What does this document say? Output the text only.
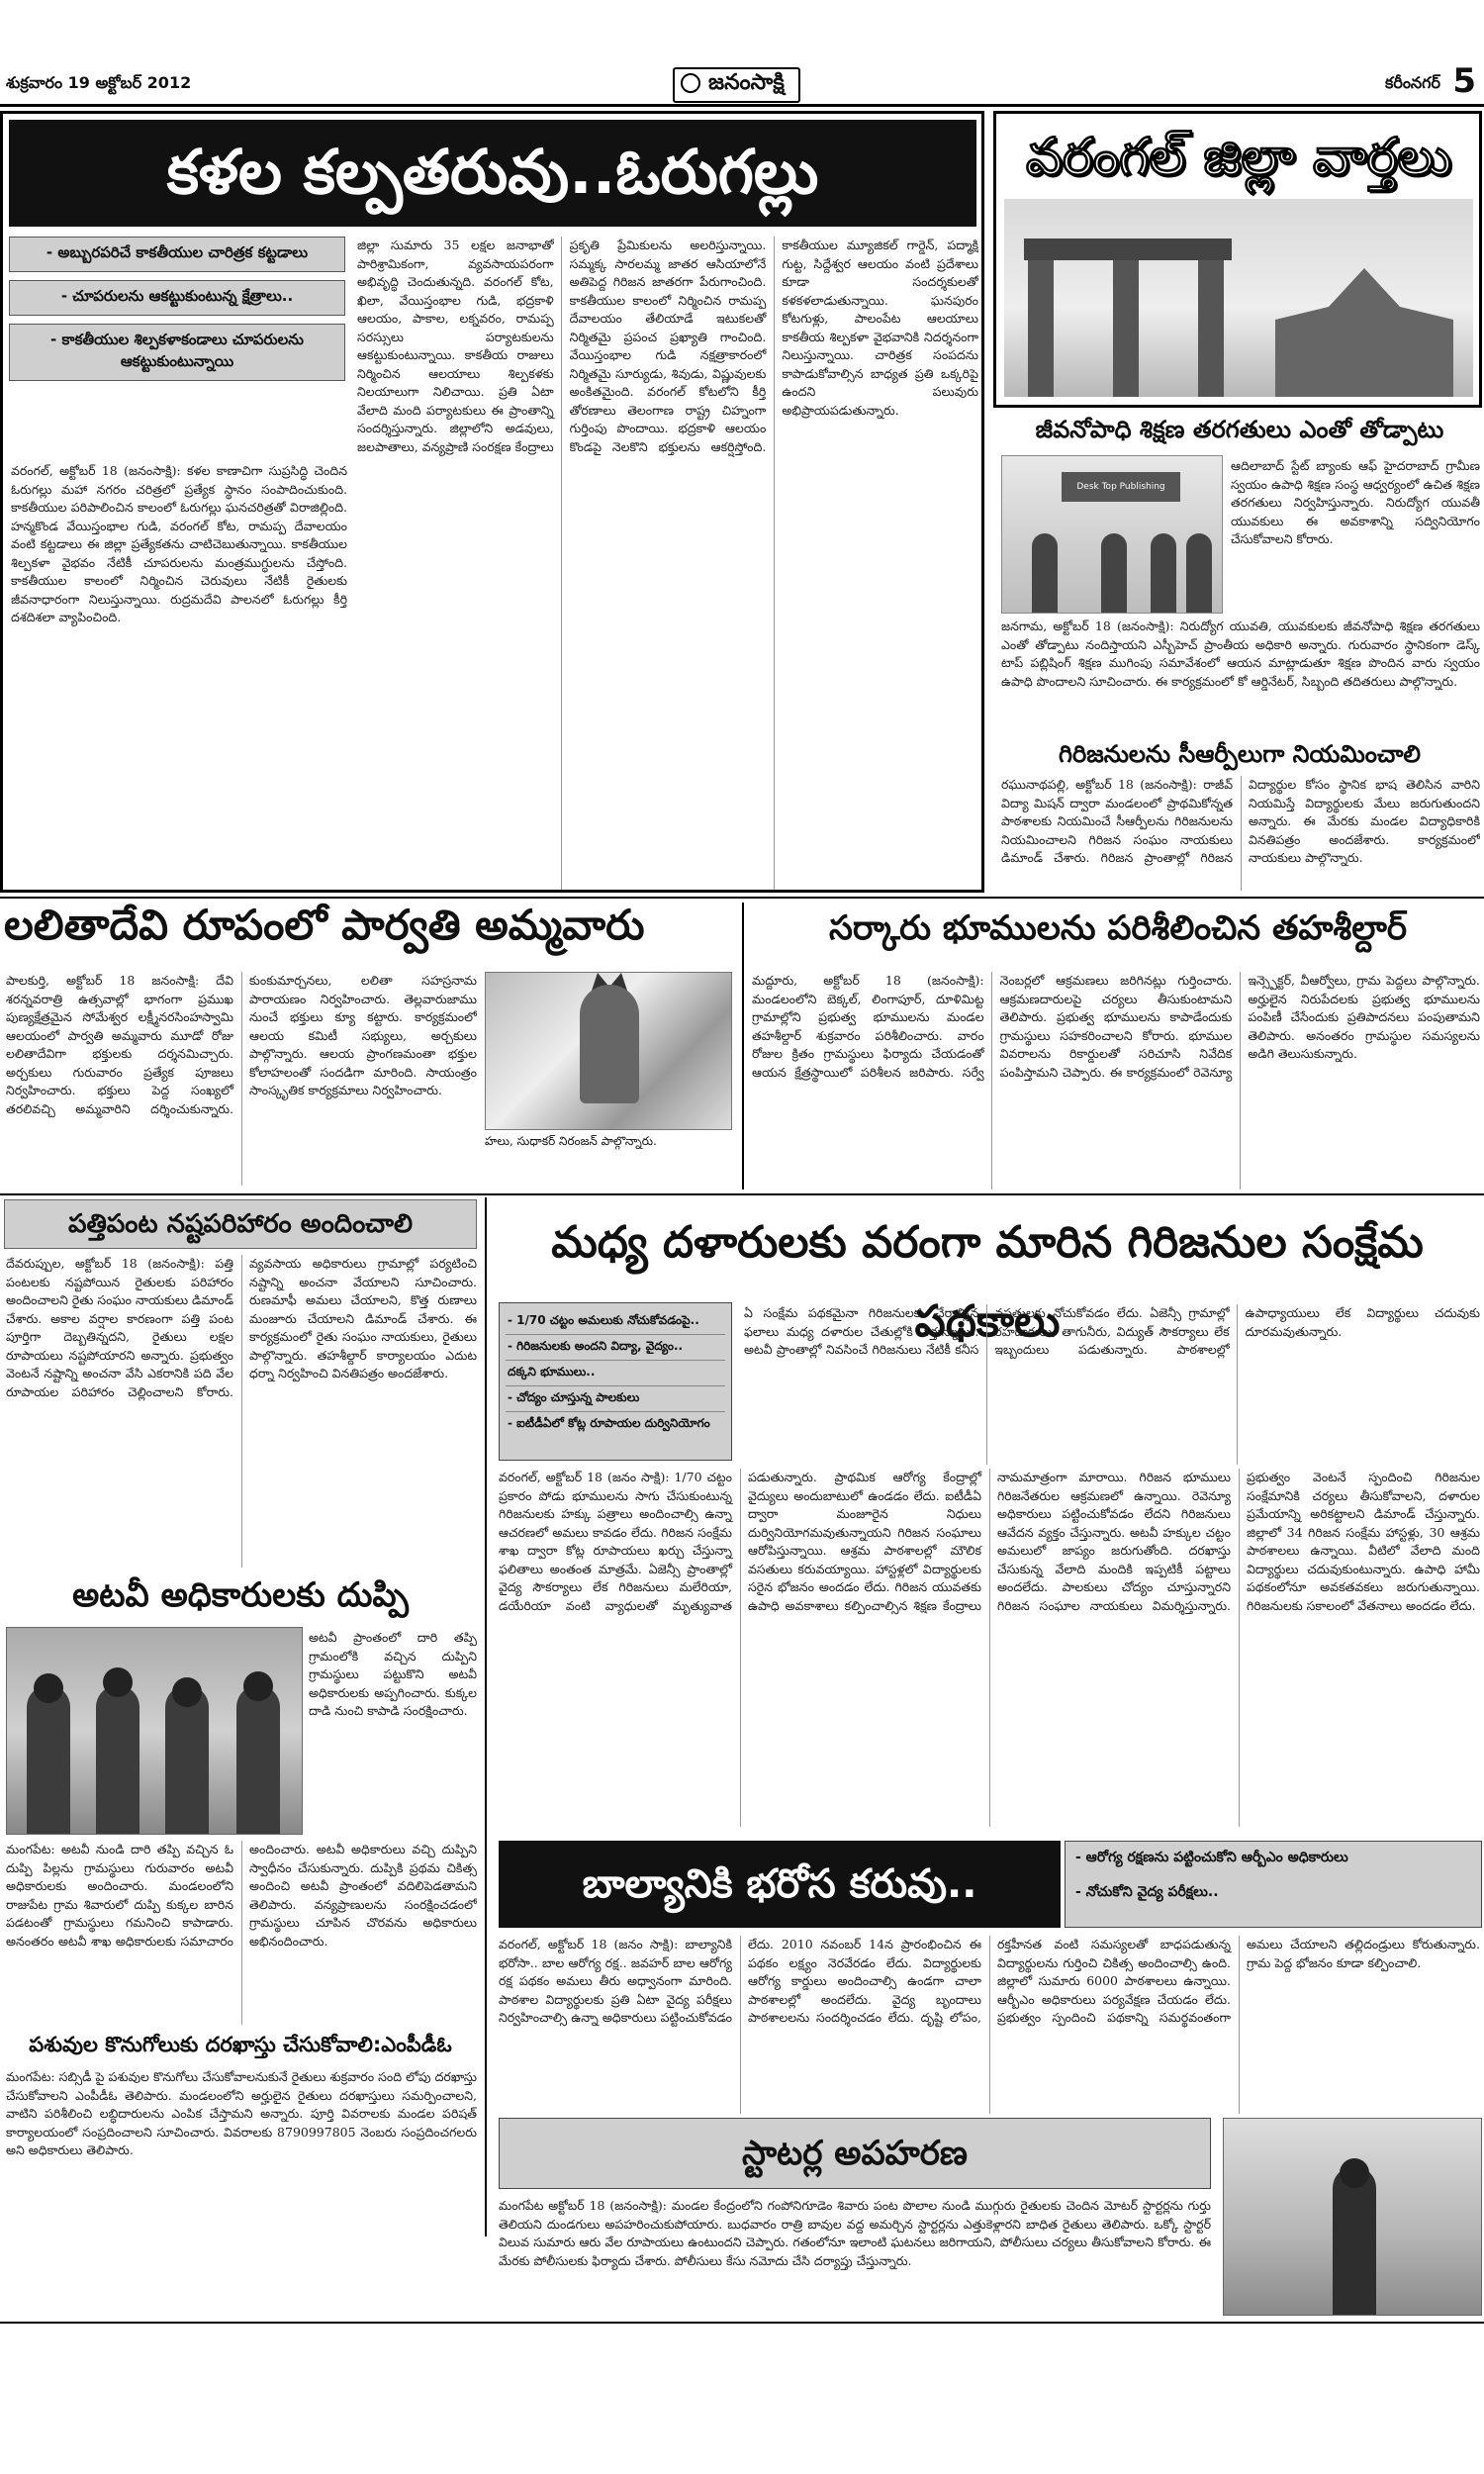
శుక్రవారం 19 అక్టోబర్ 2012	జనంసాక్షి	కరీంనగర్ 5
కళల కల్పతరువు..ఓరుగల్లు
- అబ్బురపరిచే కాకతీయుల చారిత్రక కట్టడాలు
- చూపరులను ఆకట్టుకుంటున్న క్షేత్రాలు..
- కాకతీయుల శిల్పకళాకండాలు చూపరులను ఆకట్టుకుంటున్నాయి
వరంగల్, అక్టోబర్ 18 (జనంసాక్షి): కళల కాణాచిగా సుప్రసిద్ధి చెందిన ఓరుగల్లు మహా నగరం చరిత్రలో ప్రత్యేక స్థానం సంపాదించుకుంది. కాకతీయుల పరిపాలించిన కాలంలో ఓరుగల్లు ఘనచరిత్రతో విరాజిల్లింది. హన్మకొండ వేయిస్తంభాల గుడి, వరంగల్ కోట, రామప్ప దేవాలయం వంటి కట్టడాలు ఈ జిల్లా ప్రత్యేకతను చాటిచెబుతున్నాయి. కాకతీయుల శిల్పకళా వైభవం నేటికీ చూపరులను మంత్రముగ్ధులను చేస్తోంది. కాకతీయుల కాలంలో నిర్మించిన చెరువులు నేటికీ రైతులకు జీవనాధారంగా నిలుస్తున్నాయి. రుద్రమదేవి పాలనలో ఓరుగల్లు కీర్తి దశదిశలా వ్యాపించింది.
జిల్లా సుమారు 35 లక్షల జనాభాతో పారిశ్రామికంగా, వ్యవసాయపరంగా అభివృద్ధి చెందుతున్నది. వరంగల్ కోట, ఖిలా, వేయిస్తంభాల గుడి, భద్రకాళి ఆలయం, పాకాల, లక్నవరం, రామప్ప సరస్సులు పర్యాటకులను ఆకట్టుకుంటున్నాయి. కాకతీయ రాజులు నిర్మించిన ఆలయాలు శిల్పకళకు నిలయాలుగా నిలిచాయి. ప్రతి ఏటా వేలాది మంది పర్యాటకులు ఈ ప్రాంతాన్ని సందర్శిస్తున్నారు. జిల్లాలోని అడవులు, జలపాతాలు, వన్యప్రాణి సంరక్షణ కేంద్రాలు ప్రకృతి ప్రేమికులను అలరిస్తున్నాయి. సమ్మక్క సారలమ్మ జాతర ఆసియాలోనే అతిపెద్ద గిరిజన జాతరగా పేరుగాంచింది. కాకతీయుల కాలంలో నిర్మించిన రామప్ప దేవాలయం తేలియాడే ఇటుకలతో నిర్మితమై ప్రపంచ ప్రఖ్యాతి గాంచింది. వేయిస్తంభాల గుడి నక్షత్రాకారంలో నిర్మితమై సూర్యుడు, శివుడు, విష్ణువులకు అంకితమైంది. వరంగల్ కోటలోని కీర్తి తోరణాలు తెలంగాణ రాష్ట్ర చిహ్నంగా గుర్తింపు పొందాయి. భద్రకాళి ఆలయం కొండపై నెలకొని భక్తులను ఆకర్షిస్తోంది. కాకతీయుల మ్యూజికల్ గార్డెన్, పద్మాక్షి గుట్ట, సిద్దేశ్వర ఆలయం వంటి ప్రదేశాలు కూడా సందర్శకులతో కళకళలాడుతున్నాయి. ఘనపురం కోటగుళ్లు, పాలంపేట ఆలయాలు కాకతీయ శిల్పకళా వైభవానికి నిదర్శనంగా నిలుస్తున్నాయి. చారిత్రక సంపదను కాపాడుకోవాల్సిన బాధ్యత ప్రతి ఒక్కరిపై ఉందని పలువురు అభిప్రాయపడుతున్నారు.
వరంగల్ జిల్లా వార్తలు
జీవనోపాధి శిక్షణ తరగతులు ఎంతో తోడ్పాటు
Desk Top Publishing
ఆదిలాబాద్ స్టేట్ బ్యాంకు ఆఫ్ హైదరాబాద్ గ్రామీణ స్వయం ఉపాధి శిక్షణ సంస్థ ఆధ్వర్యంలో ఉచిత శిక్షణ తరగతులు నిర్వహిస్తున్నారు. నిరుద్యోగ యువతీ యువకులు ఈ అవకాశాన్ని సద్వినియోగం చేసుకోవాలని కోరారు.
జనగామ, అక్టోబర్ 18 (జనంసాక్షి): నిరుద్యోగ యువతి, యువకులకు జీవనోపాధి శిక్షణ తరగతులు ఎంతో తోడ్పాటు నందిస్తాయని ఎస్బీహెచ్ ప్రాంతీయ అధికారి అన్నారు. గురువారం స్థానికంగా డెస్క్ టాప్ పబ్లిషింగ్ శిక్షణ ముగింపు సమావేశంలో ఆయన మాట్లాడుతూ శిక్షణ పొందిన వారు స్వయం ఉపాధి పొందాలని సూచించారు. ఈ కార్యక్రమంలో కో ఆర్డినేటర్, సిబ్బంది తదితరులు పాల్గొన్నారు.
గిరిజనులను సీఆర్పీలుగా నియమించాలి
రఘునాథపల్లి, అక్టోబర్ 18 (జనంసాక్షి): రాజీవ్ విద్యా మిషన్ ద్వారా మండలంలో ప్రాథమికోన్నత పాఠశాలకు నియమించే సీఆర్పీలను గిరిజనులను నియమించాలని గిరిజన సంఘం నాయకులు డిమాండ్ చేశారు. గిరిజన ప్రాంతాల్లో గిరిజన విద్యార్థుల కోసం స్థానిక భాష తెలిసిన వారిని నియమిస్తే విద్యార్థులకు మేలు జరుగుతుందని అన్నారు. ఈ మేరకు మండల విద్యాధికారికి వినతిపత్రం అందజేశారు. కార్యక్రమంలో నాయకులు పాల్గొన్నారు.
లలితాదేవి రూపంలో పార్వతి అమ్మవారు
పాలకుర్తి, అక్టోబర్ 18 జనంసాక్షి: దేవి శరన్నవరాత్రి ఉత్సవాల్లో భాగంగా ప్రముఖ పుణ్యక్షేత్రమైన సోమేశ్వర లక్ష్మీనరసింహస్వామి ఆలయంలో పార్వతి అమ్మవారు మూడో రోజు లలితాదేవిగా భక్తులకు దర్శనమిచ్చారు. అర్చకులు గురువారం ప్రత్యేక పూజలు నిర్వహించారు. భక్తులు పెద్ద సంఖ్యలో తరలివచ్చి అమ్మవారిని దర్శించుకున్నారు. కుంకుమార్చనలు, లలితా సహస్రనామ పారాయణం నిర్వహించారు. తెల్లవారుజాము నుంచే భక్తులు క్యూ కట్టారు. కార్యక్రమంలో ఆలయ కమిటీ సభ్యులు, అర్చకులు పాల్గొన్నారు. ఆలయ ప్రాంగణమంతా భక్తుల కోలాహలంతో సందడిగా మారింది. సాయంత్రం సాంస్కృతిక కార్యక్రమాలు నిర్వహించారు.
హలు, సుధాకర్ నిరంజన్ పాల్గొన్నారు.
సర్కారు భూములను పరిశీలించిన తహశీల్దార్
మద్దూరు, అక్టోబర్ 18 (జనంసాక్షి): మండలంలోని బెక్కల్, లింగాపూర్, దూళిమిట్ట గ్రామాల్లోని ప్రభుత్వ భూములను మండల తహశీల్దార్ శుక్రవారం పరిశీలించారు. వారం రోజుల క్రితం గ్రామస్థులు ఫిర్యాదు చేయడంతో ఆయన క్షేత్రస్థాయిలో పరిశీలన జరిపారు. సర్వే నెంబర్లలో ఆక్రమణలు జరిగినట్లు గుర్తించారు. ఆక్రమణదారులపై చర్యలు తీసుకుంటామని తెలిపారు. ప్రభుత్వ భూములను కాపాడేందుకు గ్రామస్థులు సహకరించాలని కోరారు. భూముల వివరాలను రికార్డులతో సరిచూసి నివేదిక పంపిస్తామని చెప్పారు. ఈ కార్యక్రమంలో రెవెన్యూ ఇన్స్పెక్టర్, వీఆర్వోలు, గ్రామ పెద్దలు పాల్గొన్నారు. అర్హులైన నిరుపేదలకు ప్రభుత్వ భూములను పంపిణీ చేసేందుకు ప్రతిపాదనలు పంపుతామని తెలిపారు. అనంతరం గ్రామస్థుల సమస్యలను అడిగి తెలుసుకున్నారు.
పత్తిపంట నష్టపరిహారం అందించాలి
దేవరుప్పుల, అక్టోబర్ 18 (జనంసాక్షి): పత్తి పంటలకు నష్టపోయిన రైతులకు పరిహారం అందించాలని రైతు సంఘం నాయకులు డిమాండ్ చేశారు. అకాల వర్షాల కారణంగా పత్తి పంట పూర్తిగా దెబ్బతిన్నదని, రైతులు లక్షల రూపాయలు నష్టపోయారని అన్నారు. ప్రభుత్వం వెంటనే నష్టాన్ని అంచనా వేసి ఎకరానికి పది వేల రూపాయల పరిహారం చెల్లించాలని కోరారు. వ్యవసాయ అధికారులు గ్రామాల్లో పర్యటించి నష్టాన్ని అంచనా వేయాలని సూచించారు. రుణమాఫీ అమలు చేయాలని, కొత్త రుణాలు మంజూరు చేయాలని డిమాండ్ చేశారు. ఈ కార్యక్రమంలో రైతు సంఘం నాయకులు, రైతులు పాల్గొన్నారు. తహశీల్దార్ కార్యాలయం ఎదుట ధర్నా నిర్వహించి వినతిపత్రం అందజేశారు.
అటవీ అధికారులకు దుప్పి
అటవీ ప్రాంతంలో దారి తప్పి గ్రామంలోకి వచ్చిన దుప్పిని గ్రామస్థులు పట్టుకొని అటవీ అధికారులకు అప్పగించారు. కుక్కల దాడి నుంచి కాపాడి సంరక్షించారు.
మంగపేట: అటవీ నుండి దారి తప్పి వచ్చిన ఓ దుప్పి పిల్లను గ్రామస్థులు గురువారం అటవీ అధికారులకు అందించారు. మండలంలోని రాజుపేట గ్రామ శివారులో దుప్పి కుక్కల బారిన పడటంతో గ్రామస్థులు గమనించి కాపాడారు. అనంతరం అటవీ శాఖ అధికారులకు సమాచారం అందించారు. అటవీ అధికారులు వచ్చి దుప్పిని స్వాధీనం చేసుకున్నారు. దుప్పికి ప్రథమ చికిత్స అందించి అటవీ ప్రాంతంలో వదిలిపెడతామని తెలిపారు. వన్యప్రాణులను సంరక్షించడంలో గ్రామస్థులు చూపిన చొరవను అధికారులు అభినందించారు.
పశువుల కొనుగోలుకు దరఖాస్తు చేసుకోవాలి:ఎంపీడీఓ
మంగపేట: సబ్సిడీ పై పశువుల కొనుగోలు చేసుకోవాలనుకునే రైతులు శుక్రవారం సంది లోపు దరఖాస్తు చేసుకోవాలని ఎంపీడీఓ తెలిపారు. మండలంలోని అర్హులైన రైతులు దరఖాస్తులు సమర్పించాలని, వాటిని పరిశీలించి లబ్ధిదారులను ఎంపిక చేస్తామని అన్నారు. పూర్తి వివరాలకు మండల పరిషత్ కార్యాలయంలో సంప్రదించాలని సూచించారు. వివరాలకు 8790997805 నెంబరు సంప్రదించగలరు అని అధికారులు తెలిపారు.
మధ్య దళారులకు వరంగా మారిన గిరిజనుల సంక్షేమ పథకాలు
- 1/70 చట్టం అమలుకు నోచుకోవడంపై..
- గిరిజనులకు అందని విద్యా, వైద్యం..
దక్కని భూములు..
- చోద్యం చూస్తున్న పాలకులు
- ఐటీడీఏలో కోట్ల రూపాయల దుర్వినియోగం
ఏ సంక్షేమ పథకమైనా గిరిజనులకు చేరాల్సిన ఫలాలు మధ్య దళారుల చేతుల్లోకి వెళ్తున్నాయి. అటవీ ప్రాంతాల్లో నివసించే గిరిజనులు నేటికీ కనీస వసతులకు నోచుకోవడం లేదు. ఏజెన్సీ గ్రామాల్లో రహదారులు, తాగునీరు, విద్యుత్ సౌకర్యాలు లేక ఇబ్బందులు పడుతున్నారు. పాఠశాలల్లో ఉపాధ్యాయులు లేక విద్యార్థులు చదువుకు దూరమవుతున్నారు.
వరంగల్, అక్టోబర్ 18 (జనం సాక్షి): 1/70 చట్టం ప్రకారం పోడు భూములను సాగు చేసుకుంటున్న గిరిజనులకు హక్కు పత్రాలు అందించాల్సి ఉన్నా ఆచరణలో అమలు కావడం లేదు. గిరిజన సంక్షేమ శాఖ ద్వారా కోట్ల రూపాయలు ఖర్చు చేస్తున్నా ఫలితాలు అంతంత మాత్రమే. ఏజెన్సీ ప్రాంతాల్లో వైద్య సౌకర్యాలు లేక గిరిజనులు మలేరియా, డయేరియా వంటి వ్యాధులతో మృత్యువాత పడుతున్నారు. ప్రాథమిక ఆరోగ్య కేంద్రాల్లో వైద్యులు అందుబాటులో ఉండడం లేదు. ఐటీడీఏ ద్వారా మంజూరైన నిధులు దుర్వినియోగమవుతున్నాయని గిరిజన సంఘాలు ఆరోపిస్తున్నాయి. ఆశ్రమ పాఠశాలల్లో మౌలిక వసతులు కరువయ్యాయి. హాస్టళ్లలో విద్యార్థులకు సరైన భోజనం అందడం లేదు. గిరిజన యువతకు ఉపాధి అవకాశాలు కల్పించాల్సిన శిక్షణ కేంద్రాలు నామమాత్రంగా మారాయి. గిరిజన భూములు గిరిజనేతరుల ఆక్రమణలో ఉన్నాయి. రెవెన్యూ అధికారులు పట్టించుకోవడం లేదని గిరిజనులు ఆవేదన వ్యక్తం చేస్తున్నారు. అటవీ హక్కుల చట్టం అమలులో జాప్యం జరుగుతోంది. దరఖాస్తు చేసుకున్న వేలాది మందికి ఇప్పటికీ పట్టాలు అందలేదు. పాలకులు చోద్యం చూస్తున్నారని గిరిజన సంఘాల నాయకులు విమర్శిస్తున్నారు. ప్రభుత్వం వెంటనే స్పందించి గిరిజనుల సంక్షేమానికి చర్యలు తీసుకోవాలని, దళారుల ప్రమేయాన్ని అరికట్టాలని డిమాండ్ చేస్తున్నారు. జిల్లాలో 34 గిరిజన సంక్షేమ హాస్టళ్లు, 30 ఆశ్రమ పాఠశాలలు ఉన్నాయి. వీటిలో వేలాది మంది విద్యార్థులు చదువుకుంటున్నారు. ఉపాధి హామీ పథకంలోనూ అవకతవకలు జరుగుతున్నాయి. గిరిజనులకు సకాలంలో వేతనాలు అందడం లేదు.
బాల్యానికి భరోస కరువు..
- ఆరోగ్య రక్షణను పట్టించుకోని ఆర్బీఎం అధికారులు
- నోచుకోని వైద్య పరీక్షలు..
వరంగల్, అక్టోబర్ 18 (జనం సాక్షి): బాల్యానికి భరోసా.. బాల ఆరోగ్య రక్ష.. జవహర్ బాల ఆరోగ్య రక్ష పథకం అమలు తీరు అధ్వానంగా మారింది. పాఠశాల విద్యార్థులకు ప్రతి ఏటా వైద్య పరీక్షలు నిర్వహించాల్సి ఉన్నా అధికారులు పట్టించుకోవడం లేదు. 2010 నవంబర్ 14న ప్రారంభించిన ఈ పథకం లక్ష్యం నెరవేరడం లేదు. విద్యార్థులకు ఆరోగ్య కార్డులు అందించాల్సి ఉండగా చాలా పాఠశాలల్లో అందలేదు. వైద్య బృందాలు పాఠశాలలను సందర్శించడం లేదు. దృష్టి లోపం, రక్తహీనత వంటి సమస్యలతో బాధపడుతున్న విద్యార్థులను గుర్తించి చికిత్స అందించాల్సి ఉంది. జిల్లాలో సుమారు 6000 పాఠశాలలు ఉన్నాయి. ఆర్బీఎం అధికారులు పర్యవేక్షణ చేయడం లేదు. ప్రభుత్వం స్పందించి పథకాన్ని సమర్థవంతంగా అమలు చేయాలని తల్లిదండ్రులు కోరుతున్నారు. గ్రామ పెద్ద భోజనం కూడా కల్పించాలి.
స్టాటర్ల అపహరణ
మంగపేట అక్టోబర్ 18 (జనంసాక్షి): మండల కేంద్రంలోని గంపోనిగూడెం శివారు పంట పొలాల నుండి ముగ్గురు రైతులకు చెందిన మోటర్ స్టార్టర్లను గుర్తు తెలియని దుండగులు అపహరించుకుపోయారు. బుధవారం రాత్రి బావుల వద్ద అమర్చిన స్టార్టర్లను ఎత్తుకెళ్లారని బాధిత రైతులు తెలిపారు. ఒక్కో స్టార్టర్ విలువ సుమారు ఆరు వేల రూపాయలు ఉంటుందని చెప్పారు. గతంలోనూ ఇలాంటి ఘటనలు జరిగాయని, పోలీసులు చర్యలు తీసుకోవాలని కోరారు. ఈ మేరకు పోలీసులకు ఫిర్యాదు చేశారు. పోలీసులు కేసు నమోదు చేసి దర్యాప్తు చేస్తున్నారు.
